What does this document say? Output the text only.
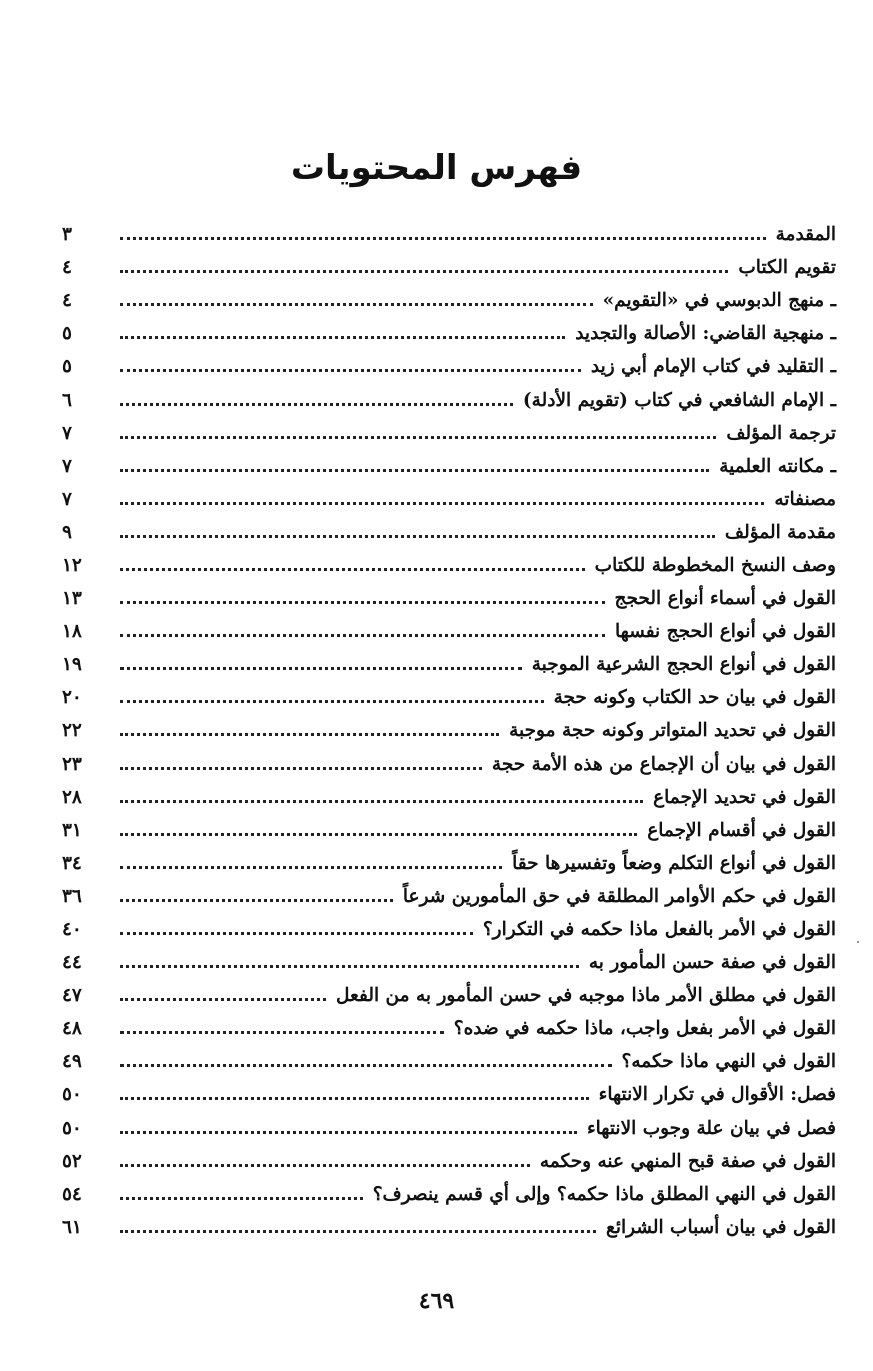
فهرس المحتويات
المقدمة
٣
تقويم الكتاب
٤
ـ منهج الدبوسي في «التقويم»
٤
ـ منهجية القاضي: الأصالة والتجديد
٥
ـ التقليد في كتاب الإمام أبي زيد
٥
ـ الإمام الشافعي في كتاب (تقويم الأدلة)
٦
ترجمة المؤلف
٧
ـ مكانته العلمية
٧
مصنفاته
٧
مقدمة المؤلف
٩
وصف النسخ المخطوطة للكتاب
١٢
القول في أسماء أنواع الحجج
١٣
القول في أنواع الحجج نفسها
١٨
القول في أنواع الحجج الشرعية الموجبة
١٩
القول في بيان حد الكتاب وكونه حجة
٢٠
القول في تحديد المتواتر وكونه حجة موجبة
٢٢
القول في بيان أن الإجماع من هذه الأمة حجة
٢٣
القول في تحديد الإجماع
٢٨
القول في أقسام الإجماع
٣١
القول في أنواع التكلم وضعاً وتفسيرها حقاً
٣٤
القول في حكم الأوامر المطلقة في حق المأمورين شرعاً
٣٦
القول في الأمر بالفعل ماذا حكمه في التكرار؟
٤٠
القول في صفة حسن المأمور به
٤٤
القول في مطلق الأمر ماذا موجبه في حسن المأمور به من الفعل
٤٧
القول في الأمر بفعل واجب، ماذا حكمه في ضده؟
٤٨
القول في النهي ماذا حكمه؟
٤٩
فصل: الأقوال في تكرار الانتهاء
٥٠
فصل في بيان علة وجوب الانتهاء
٥٠
القول في صفة قبح المنهي عنه وحكمه
٥٢
القول في النهي المطلق ماذا حكمه؟ وإلى أي قسم ينصرف؟
٥٤
القول في بيان أسباب الشرائع
٦١
٤٦٩
